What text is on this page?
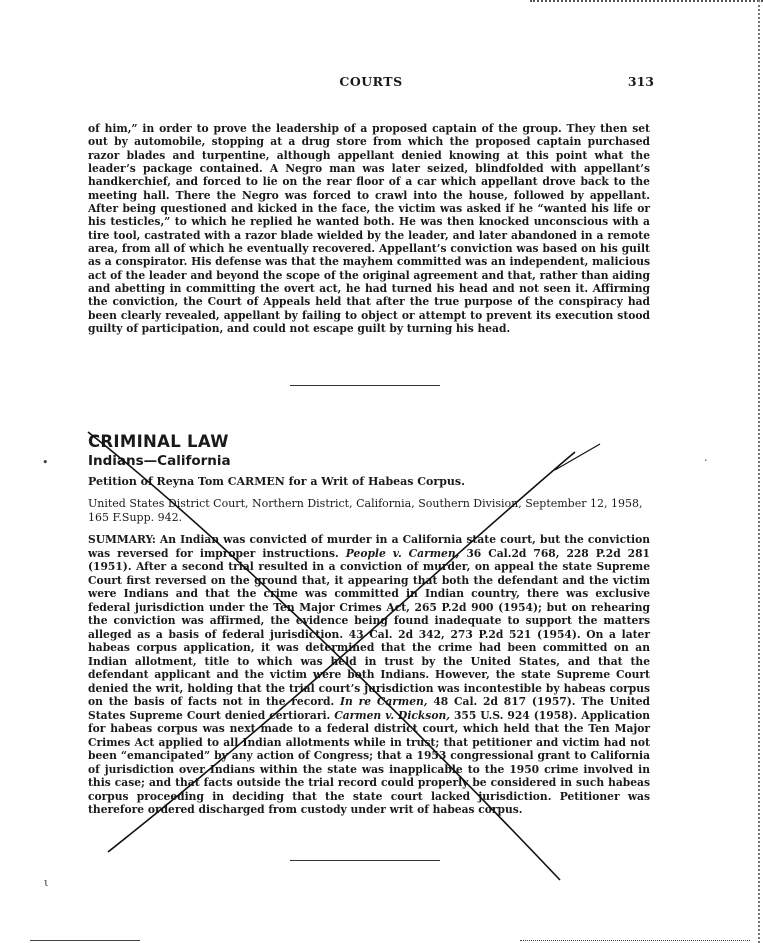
COURTS	313
of him,” in order to prove the leadership of a proposed captain of the group. They then set out by automobile, stopping at a drug store from which the proposed captain purchased razor blades and turpentine, although appellant denied knowing at this point what the leader’s package contained. A Negro man was later seized, blindfolded with appellant’s handkerchief, and forced to lie on the rear floor of a car which appellant drove back to the meeting hall. There the Negro was forced to crawl into the house, followed by appellant. After being questioned and kicked in the face, the victim was asked if he “wanted his life or his testicles,” to which he replied he wanted both. He was then knocked unconscious with a tire tool, castrated with a razor blade wielded by the leader, and later abandoned in a remote area, from all of which he eventually recovered. Appellant’s conviction was based on his guilt as a conspirator. His defense was that the mayhem committed was an independent, malicious act of the leader and beyond the scope of the original agreement and that, rather than aiding and abetting in committing the overt act, he had turned his head and not seen it. Affirming the conviction, the Court of Appeals held that after the true purpose of the conspiracy had been clearly revealed, appellant by failing to object or attempt to prevent its execution stood guilty of participation, and could not escape guilt by turning his head.
CRIMINAL LAW
Indians—California
Petition of Reyna Tom CARMEN for a Writ of Habeas Corpus.
United States District Court, Northern District, California, Southern Division, September 12, 1958, 165 F.Supp. 942.
SUMMARY: An Indian was convicted of murder in a California state court, but the conviction was reversed for improper instructions. People v. Carmen, 36 Cal.2d 768, 228 P.2d 281 (1951). After a second trial resulted in a conviction of murder, on appeal the state Supreme Court first reversed on the ground that, it appearing that both the defendant and the victim were Indians and that the crime was committed in Indian country, there was exclusive federal jurisdiction under the Ten Major Crimes Act, 265 P.2d 900 (1954); but on rehearing the conviction was affirmed, the evidence being found inadequate to support the matters alleged as a basis of federal jurisdiction. 43 Cal. 2d 342, 273 P.2d 521 (1954). On a later habeas corpus application, it was determined that the crime had been committed on an Indian allotment, title to which was held in trust by the United States, and that the defendant applicant and the victim were both Indians. However, the state Supreme Court denied the writ, holding that the trial court’s jurisdiction was incontestible by habeas corpus on the basis of facts not in the record. In re Carmen, 48 Cal. 2d 817 (1957). The United States Supreme Court denied certiorari. Carmen v. Dickson, 355 U.S. 924 (1958). Application for habeas corpus was next made to a federal district court, which held that the Ten Major Crimes Act applied to all Indian allotments while in trust; that petitioner and victim had not been “emancipated” by any action of Congress; that a 1953 congressional grant to California of jurisdiction over Indians within the state was inapplicable to the 1950 crime involved in this case; and that facts outside the trial record could properly be considered in such habeas corpus proceeding in deciding that the state court lacked jurisdiction. Petitioner was therefore ordered discharged from custody under writ of habeas corpus.
•
ι
·
